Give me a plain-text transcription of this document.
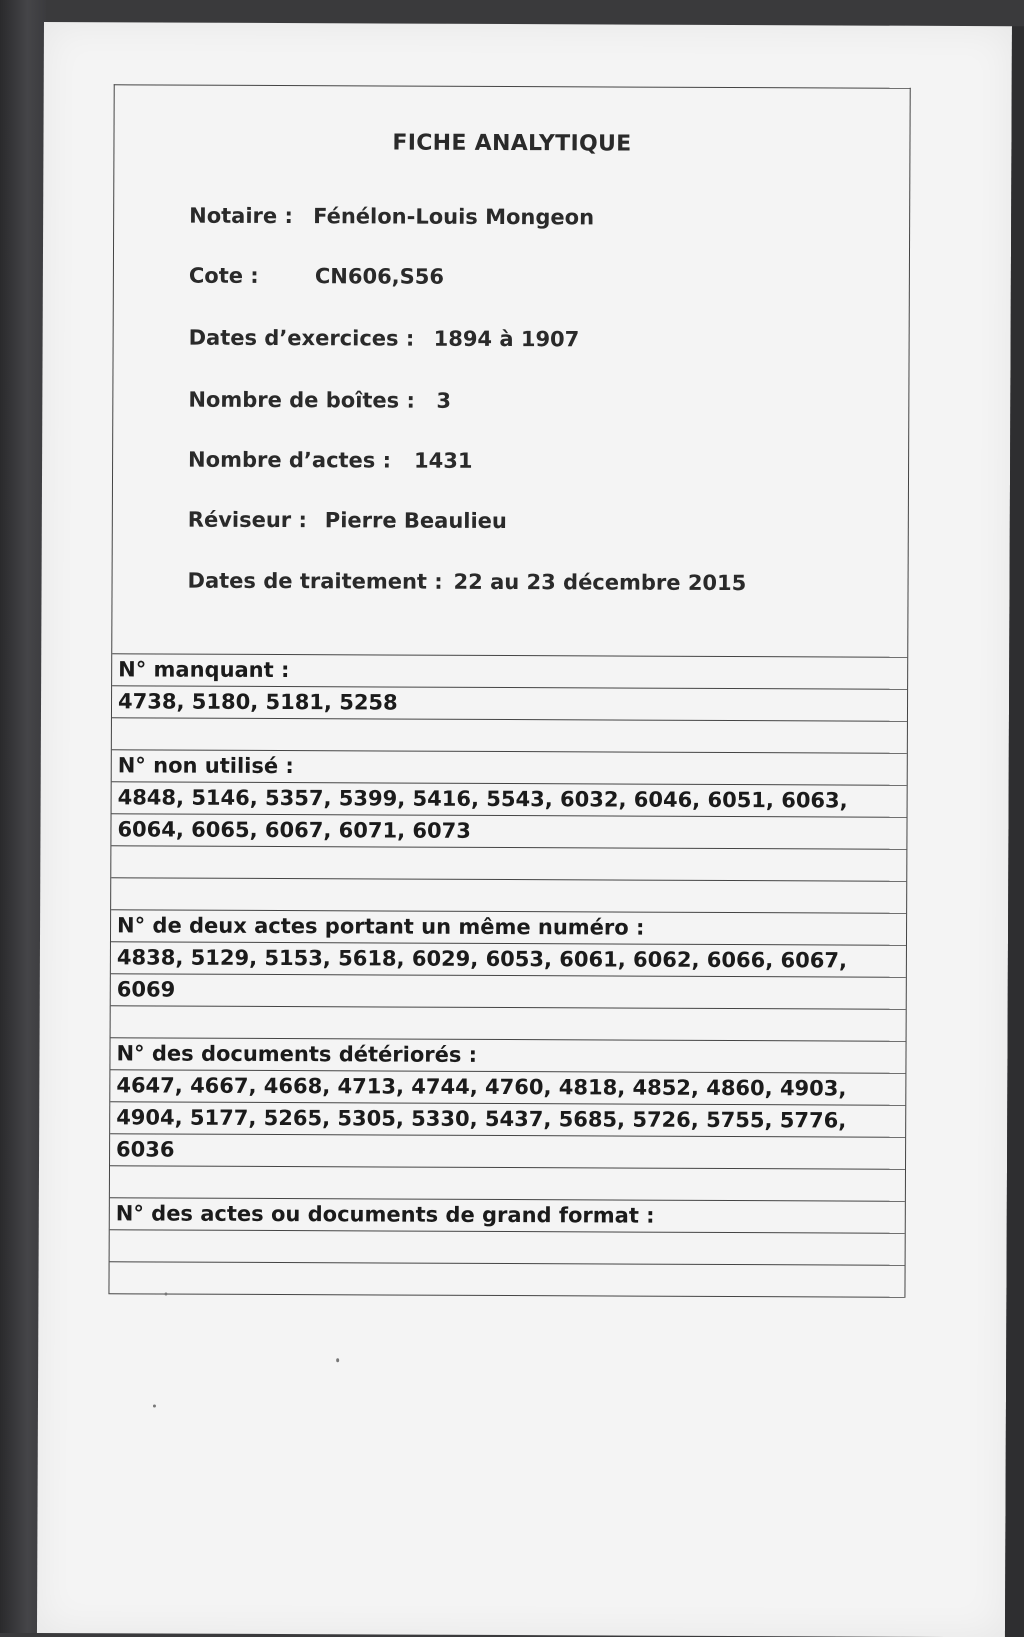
FICHE ANALYTIQUE
Notaire : Fénélon-Louis Mongeon
Cote :	CN606,S56
Dates d’exercices : 1894 à 1907
Nombre de boîtes : 3
Nombre d’actes : 1431
Réviseur : Pierre Beaulieu
Dates de traitement : 22 au 23 décembre 2015
N° manquant :
4738, 5180, 5181, 5258
N° non utilisé :
4848, 5146, 5357, 5399, 5416, 5543, 6032, 6046, 6051, 6063,
6064, 6065, 6067, 6071, 6073
N° de deux actes portant un même numéro :
4838, 5129, 5153, 5618, 6029, 6053, 6061, 6062, 6066, 6067,
6069
N° des documents détériorés :
4647, 4667, 4668, 4713, 4744, 4760, 4818, 4852, 4860, 4903,
4904, 5177, 5265, 5305, 5330, 5437, 5685, 5726, 5755, 5776,
6036
N° des actes ou documents de grand format :
